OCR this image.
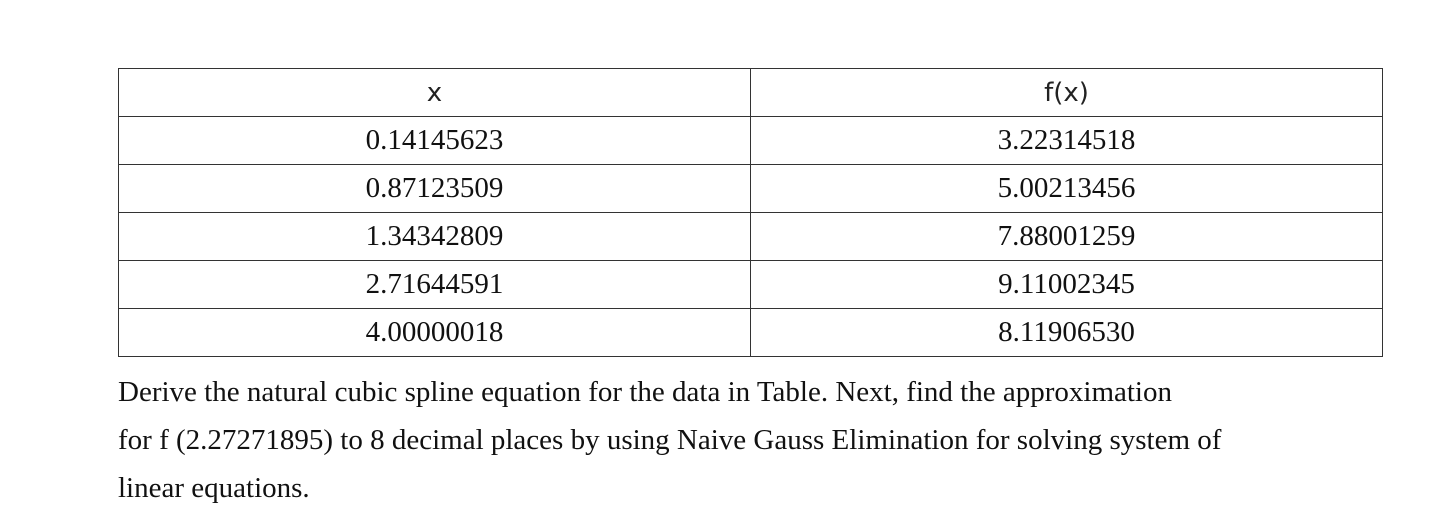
x	f(x)
0.14145623	3.22314518
0.87123509	5.00213456
1.34342809	7.88001259
2.71644591	9.11002345
4.00000018	8.11906530

Derive the natural cubic spline equation for the data in Table. Next, find the approximation
for f (2.27271895) to 8 decimal places by using Naive Gauss Elimination for solving system of
linear equations.
